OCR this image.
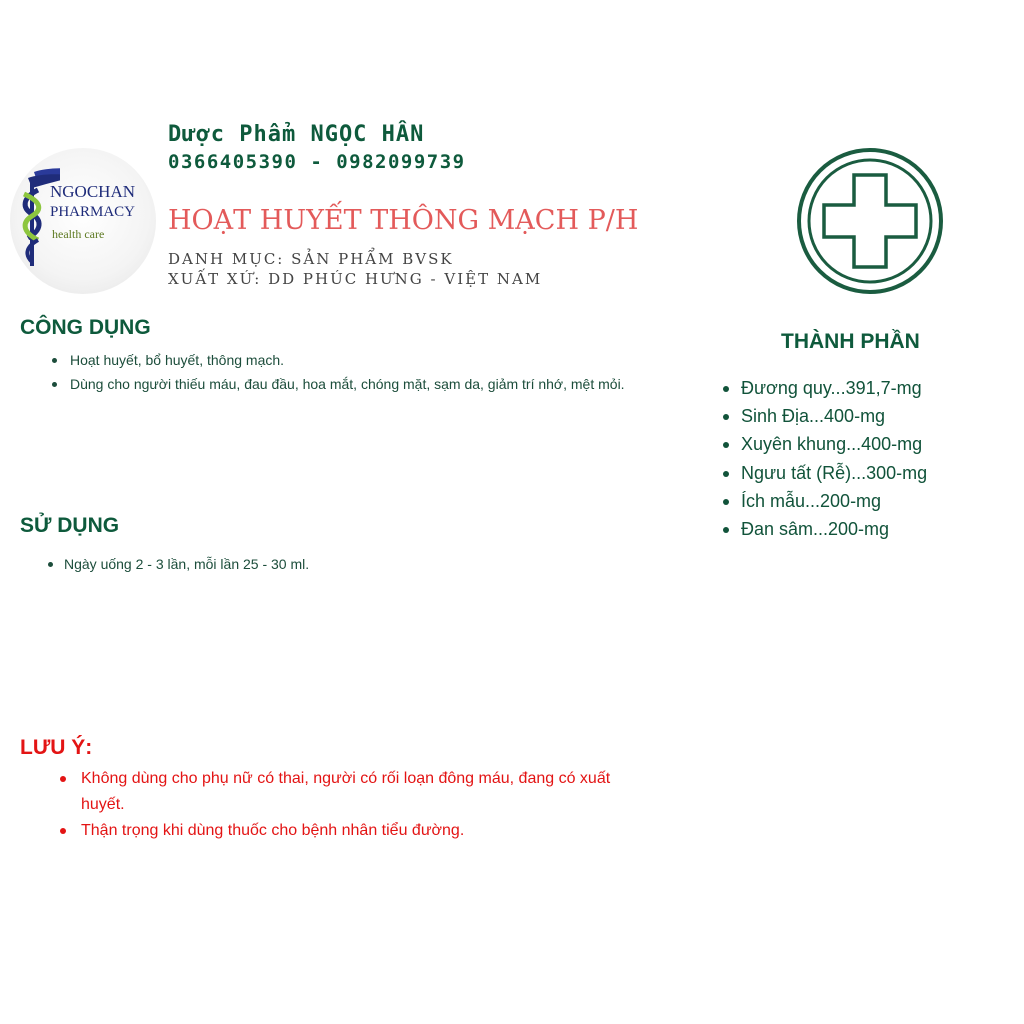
NGOCHAN
PHARMACY
health care
Dược Phẩm NGỌC HÂN
0366405390 - 0982099739
HOẠT HUYẾT THÔNG MẠCH P/H
DANH MỤC: SẢN PHẨM BVSK
XUẤT XỨ: DD PHÚC HƯNG - VIỆT NAM
CÔNG DỤNG
Hoạt huyết, bổ huyết, thông mạch.
Dùng cho người thiếu máu, đau đầu, hoa mắt, chóng mặt, sạm da, giảm trí nhớ, mệt mỏi.
SỬ DỤNG
Ngày uống 2 - 3 lần, mỗi lần 25 - 30 ml.
LƯU Ý:
Không dùng cho phụ nữ có thai, người có rối loạn đông máu, đang có xuất huyết.
Thận trọng khi dùng thuốc cho bệnh nhân tiểu đường.
THÀNH PHẦN
Đương quy...391,7-mg
Sinh Địa...400-mg
Xuyên khung...400-mg
Ngưu tất (Rễ)...300-mg
Ích mẫu...200-mg
Đan sâm...200-mg
